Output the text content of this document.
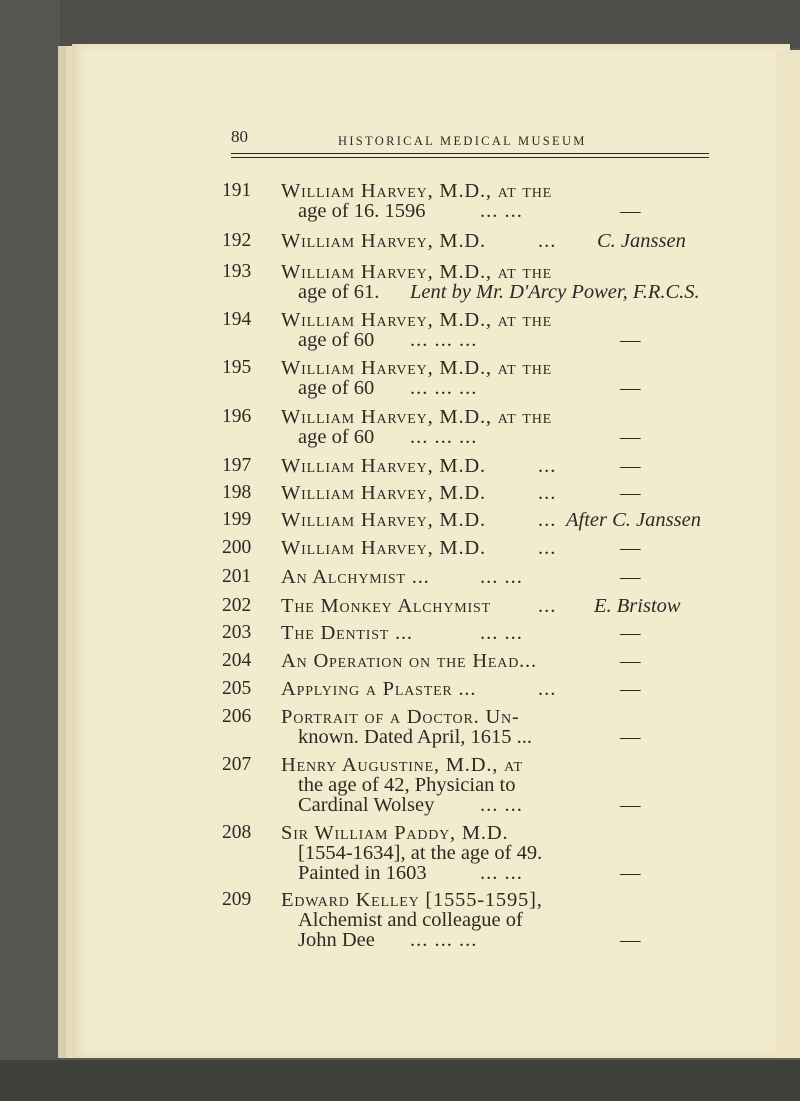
80	HISTORICAL MEDICAL MUSEUM
191 William Harvey, M.D., at the
age of 16. 1596	... ...	—
192 William Harvey, M.D.	... C. Janssen
193 William Harvey, M.D., at the
age of 61. Lent by Mr. D'Arcy Power, F.R.C.S.
194 William Harvey, M.D., at the
age of 60 ... ... ...	—
195 William Harvey, M.D., at the
age of 60 ... ... ...	—
196 William Harvey, M.D., at the
age of 60 ... ... ...	—
197 William Harvey, M.D.	...	—
198 William Harvey, M.D.	...	—
199 William Harvey, M.D.	... After C. Janssen
200 William Harvey, M.D.	...	—
201 An Alchymist ... ... ...	—
202 The Monkey Alchymist ... E. Bristow
203 The Dentist ...	... ...	—
204 An Operation on the Head...	—
205 Applying a Plaster ...	...	—
206 Portrait of a Doctor. Un-
known. Dated April, 1615 ...	—
207 Henry Augustine, M.D., at
the age of 42, Physician to
Cardinal Wolsey ... ...	—
208 Sir William Paddy, M.D.
[1554-1634], at the age of 49.
Painted in 1603	... ...	—
209 Edward Kelley [1555-1595],
Alchemist and colleague of
John Dee ... ... ...	—
